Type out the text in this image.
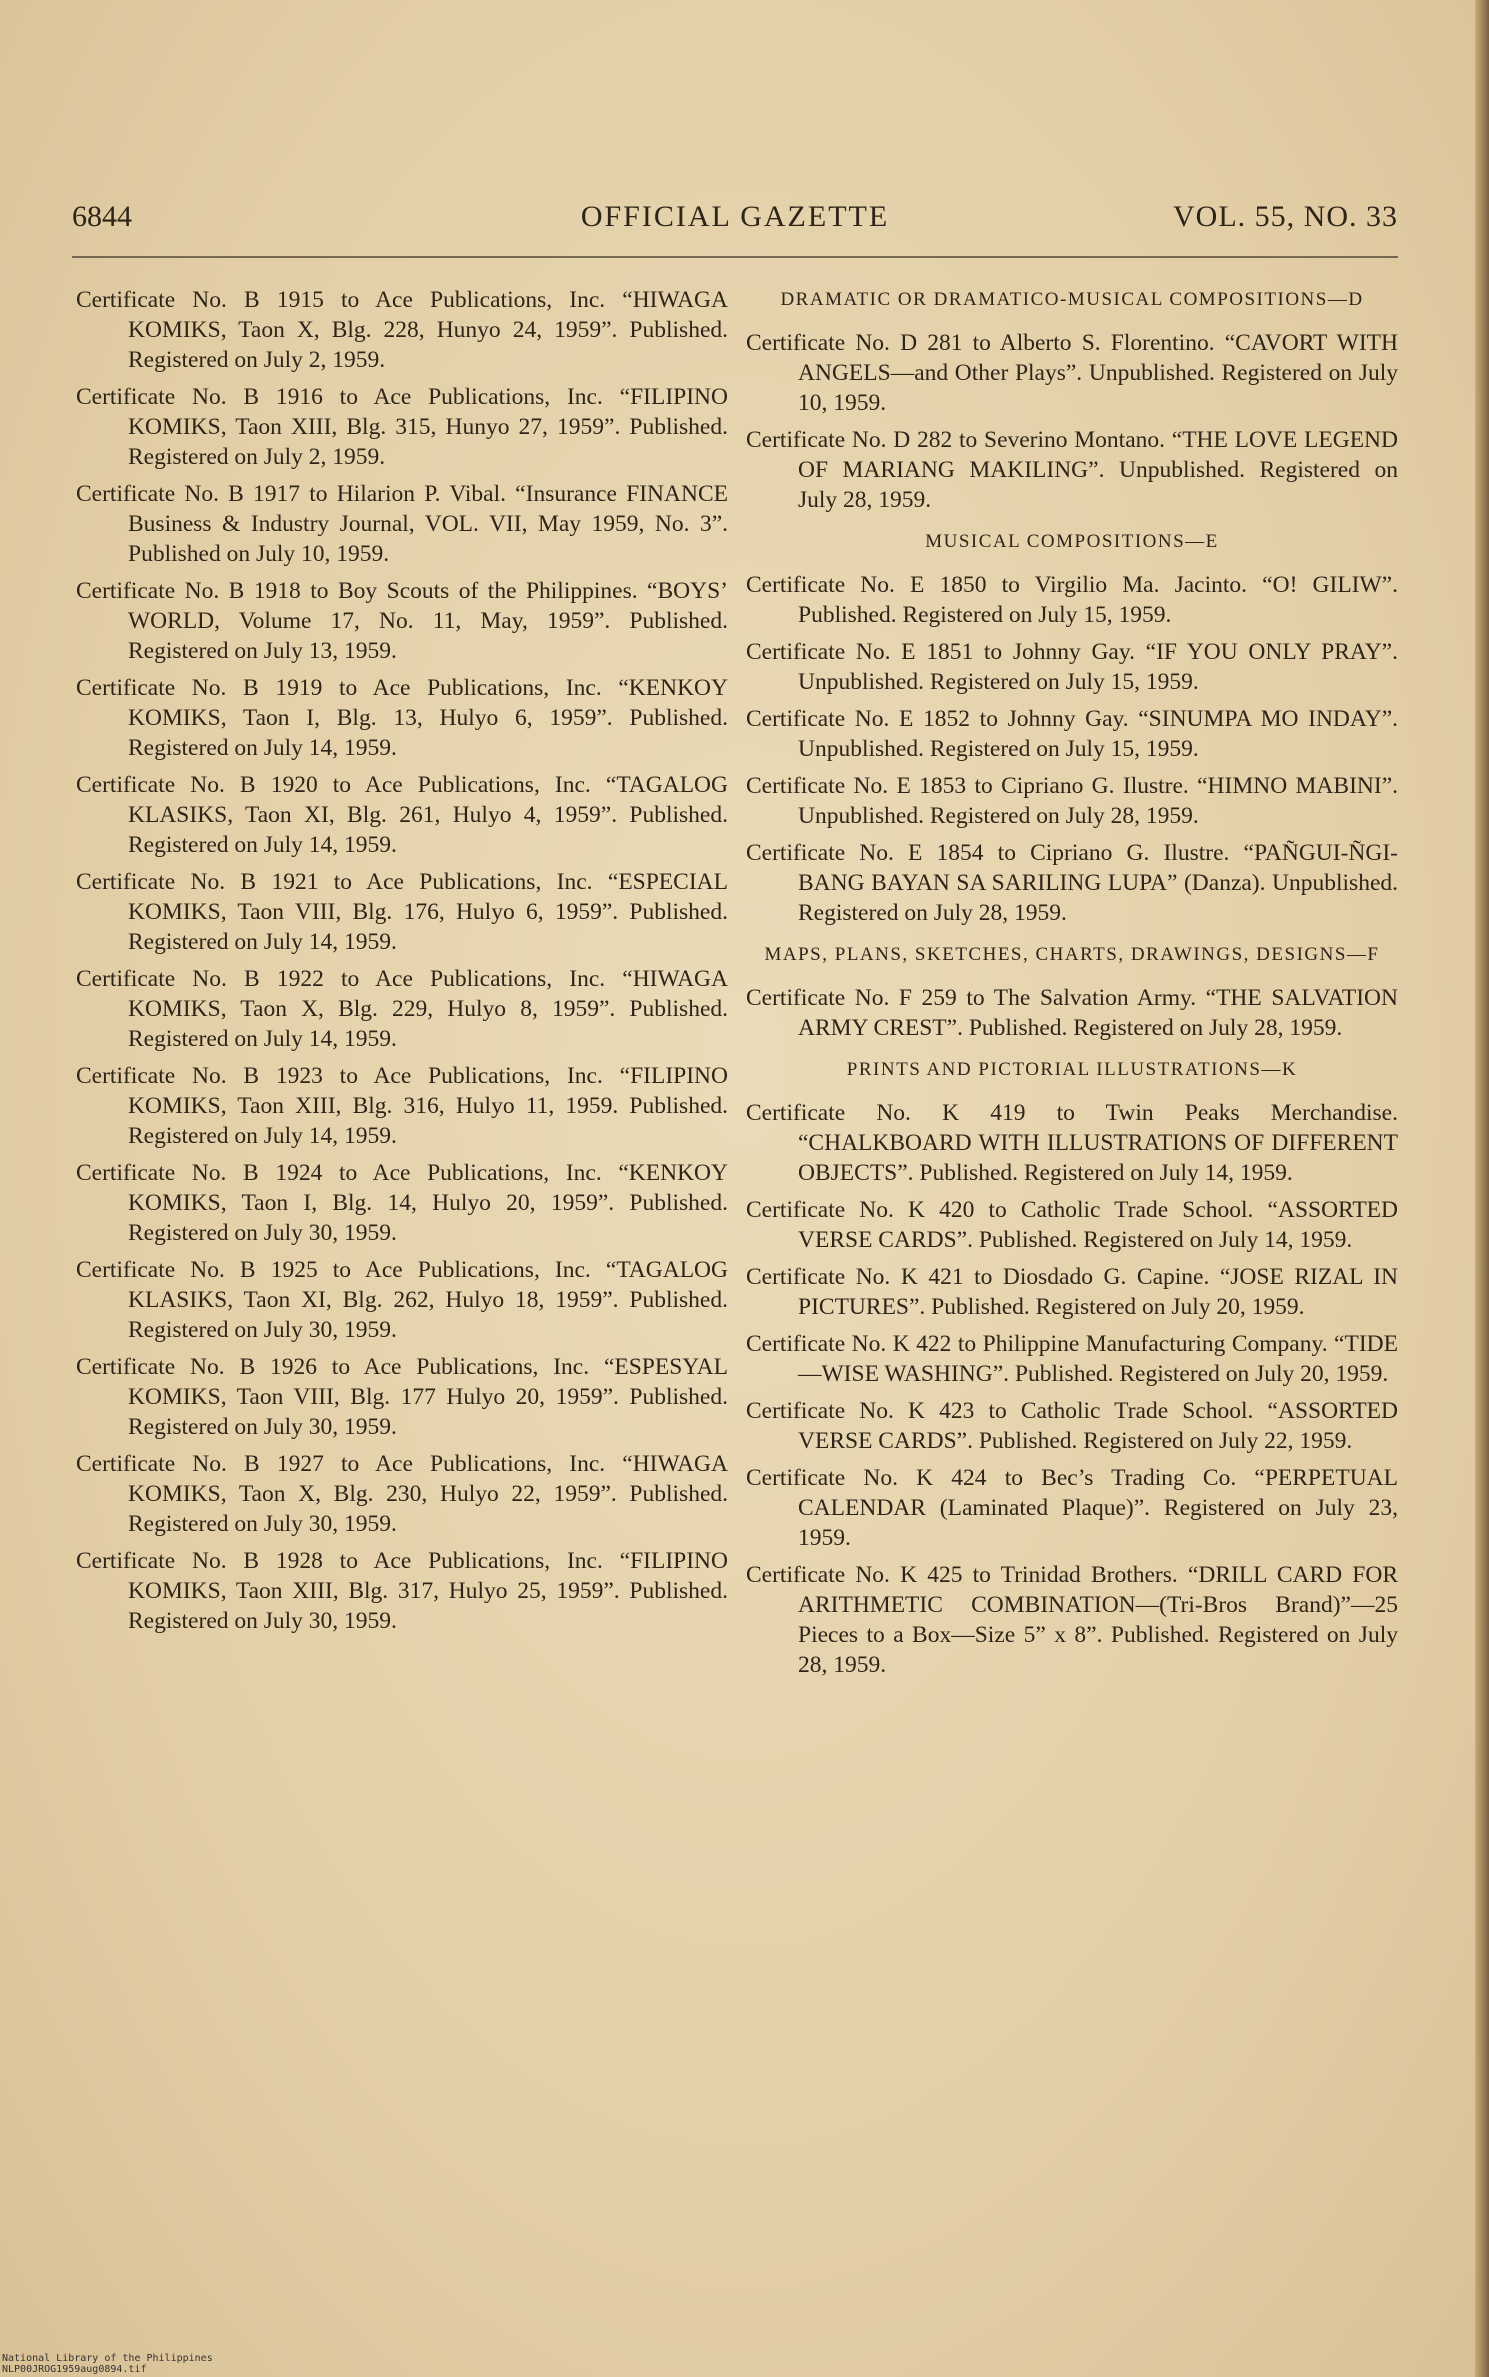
6844	OFFICIAL GAZETTE	VOL. 55, NO. 33

Certificate No. B 1915 to Ace Publications, Inc. “HIWAGA KOMIKS, Taon X, Blg. 228, Hunyo 24, 1959”. Published. Registered on July 2, 1959.

Certificate No. B 1916 to Ace Publications, Inc. “FILIPINO KOMIKS, Taon XIII, Blg. 315, Hunyo 27, 1959”. Published. Registered on July 2, 1959.

Certificate No. B 1917 to Hilarion P. Vibal. “Insurance FINANCE Business & Industry Journal, VOL. VII, May 1959, No. 3”. Published on July 10, 1959.

Certificate No. B 1918 to Boy Scouts of the Philippines. “BOYS’ WORLD, Volume 17, No. 11, May, 1959”. Published. Registered on July 13, 1959.

Certificate No. B 1919 to Ace Publications, Inc. “KENKOY KOMIKS, Taon I, Blg. 13, Hulyo 6, 1959”. Published. Registered on July 14, 1959.

Certificate No. B 1920 to Ace Publications, Inc. “TAGALOG KLASIKS, Taon XI, Blg. 261, Hulyo 4, 1959”. Published. Registered on July 14, 1959.

Certificate No. B 1921 to Ace Publications, Inc. “ESPECIAL KOMIKS, Taon VIII, Blg. 176, Hulyo 6, 1959”. Published. Registered on July 14, 1959.

Certificate No. B 1922 to Ace Publications, Inc. “HIWAGA KOMIKS, Taon X, Blg. 229, Hulyo 8, 1959”. Published. Registered on July 14, 1959.

Certificate No. B 1923 to Ace Publications, Inc. “FILIPINO KOMIKS, Taon XIII, Blg. 316, Hulyo 11, 1959. Published. Registered on July 14, 1959.

Certificate No. B 1924 to Ace Publications, Inc. “KENKOY KOMIKS, Taon I, Blg. 14, Hulyo 20, 1959”. Published. Registered on July 30, 1959.

Certificate No. B 1925 to Ace Publications, Inc. “TAGALOG KLASIKS, Taon XI, Blg. 262, Hulyo 18, 1959”. Published. Registered on July 30, 1959.

Certificate No. B 1926 to Ace Publications, Inc. “ESPESYAL KOMIKS, Taon VIII, Blg. 177 Hulyo 20, 1959”. Published. Registered on July 30, 1959.

Certificate No. B 1927 to Ace Publications, Inc. “HIWAGA KOMIKS, Taon X, Blg. 230, Hulyo 22, 1959”. Published. Registered on July 30, 1959.

Certificate No. B 1928 to Ace Publications, Inc. “FILIPINO KOMIKS, Taon XIII, Blg. 317, Hulyo 25, 1959”. Published. Registered on July 30, 1959.

DRAMATIC OR DRAMATICO-MUSICAL COMPOSITIONS—D

Certificate No. D 281 to Alberto S. Florentino. “CAVORT WITH ANGELS—and Other Plays”. Unpublished. Registered on July 10, 1959.

Certificate No. D 282 to Severino Montano. “THE LOVE LEGEND OF MARIANG MAKILING”. Unpublished. Registered on July 28, 1959.

MUSICAL COMPOSITIONS—E

Certificate No. E 1850 to Virgilio Ma. Jacinto. “O! GILIW”. Published. Registered on July 15, 1959.

Certificate No. E 1851 to Johnny Gay. “IF YOU ONLY PRAY”. Unpublished. Registered on July 15, 1959.

Certificate No. E 1852 to Johnny Gay. “SINUMPA MO INDAY”. Unpublished. Registered on July 15, 1959.

Certificate No. E 1853 to Cipriano G. Ilustre. “HIMNO MABINI”. Unpublished. Registered on July 28, 1959.

Certificate No. E 1854 to Cipriano G. Ilustre. “PAÑGUI-ÑGI-BANG BAYAN SA SARILING LUPA” (Danza). Unpublished. Registered on July 28, 1959.

MAPS, PLANS, SKETCHES, CHARTS, DRAWINGS, DESIGNS—F

Certificate No. F 259 to The Salvation Army. “THE SALVATION ARMY CREST”. Published. Registered on July 28, 1959.

PRINTS AND PICTORIAL ILLUSTRATIONS—K

Certificate No. K 419 to Twin Peaks Merchandise. “CHALKBOARD WITH ILLUSTRATIONS OF DIFFERENT OBJECTS”. Published. Registered on July 14, 1959.

Certificate No. K 420 to Catholic Trade School. “ASSORTED VERSE CARDS”. Published. Registered on July 14, 1959.

Certificate No. K 421 to Diosdado G. Capine. “JOSE RIZAL IN PICTURES”. Published. Registered on July 20, 1959.

Certificate No. K 422 to Philippine Manufacturing Company. “TIDE—WISE WASHING”. Published. Registered on July 20, 1959.

Certificate No. K 423 to Catholic Trade School. “ASSORTED VERSE CARDS”. Published. Registered on July 22, 1959.

Certificate No. K 424 to Bec’s Trading Co. “PERPETUAL CALENDAR (Laminated Plaque)”. Registered on July 23, 1959.

Certificate No. K 425 to Trinidad Brothers. “DRILL CARD FOR ARITHMETIC COMBINATION—(Tri-Bros Brand)”—25 Pieces to a Box—Size 5” x 8”. Published. Registered on July 28, 1959.

National Library of the Philippines NLP00JROG1959aug0894.tif
